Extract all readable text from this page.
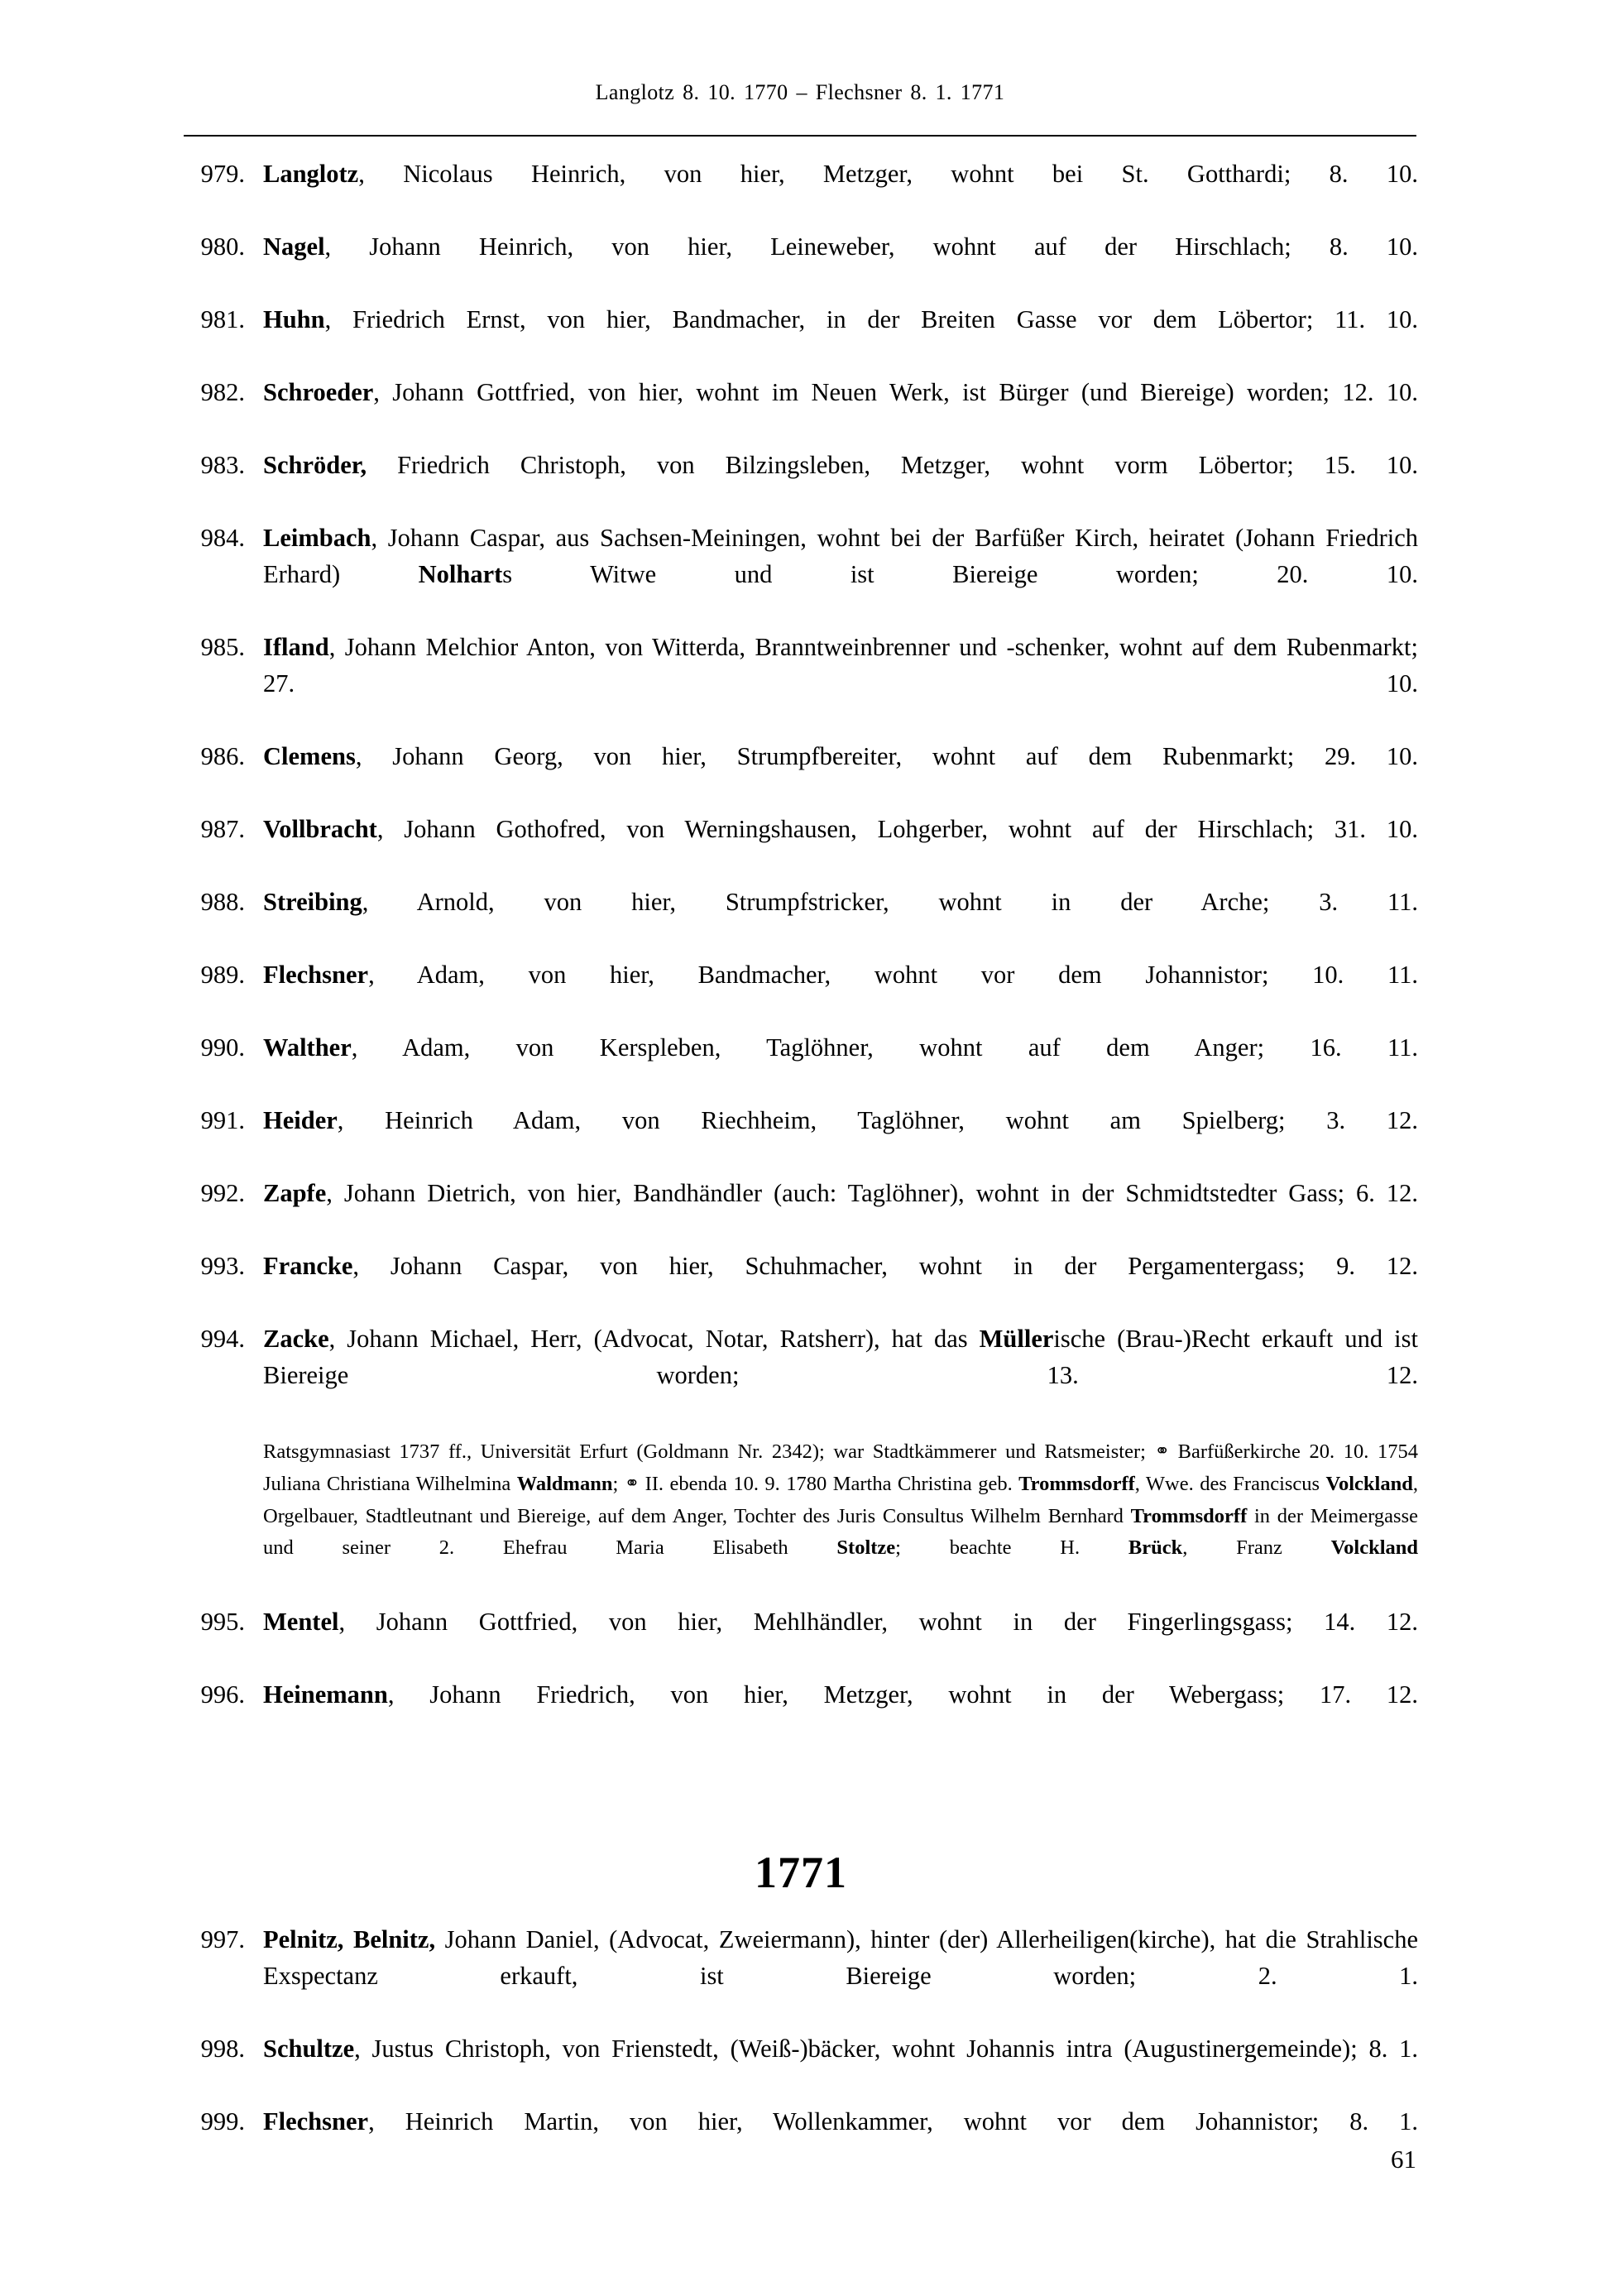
Langlotz 8. 10. 1770 – Flechsner 8. 1. 1771
979. Langlotz, Nicolaus Heinrich, von hier, Metzger, wohnt bei St. Gotthardi; 8. 10.
980. Nagel, Johann Heinrich, von hier, Leineweber, wohnt auf der Hirschlach; 8. 10.
981. Huhn, Friedrich Ernst, von hier, Bandmacher, in der Breiten Gasse vor dem Löbertor; 11. 10.
982. Schroeder, Johann Gottfried, von hier, wohnt im Neuen Werk, ist Bürger (und Biereige) worden; 12. 10.
983. Schröder, Friedrich Christoph, von Bilzingsleben, Metzger, wohnt vorm Löbertor; 15. 10.
984. Leimbach, Johann Caspar, aus Sachsen-Meiningen, wohnt bei der Barfüßer Kirch, heiratet (Johann Friedrich Erhard) Nolharts Witwe und ist Biereige worden; 20. 10.
985. Ifland, Johann Melchior Anton, von Witterda, Branntweinbrenner und -schenker, wohnt auf dem Rubenmarkt; 27. 10.
986. Clemens, Johann Georg, von hier, Strumpfbereiter, wohnt auf dem Rubenmarkt; 29. 10.
987. Vollbracht, Johann Gothofred, von Werningshausen, Lohgerber, wohnt auf der Hirschlach; 31. 10.
988. Streibing, Arnold, von hier, Strumpfstricker, wohnt in der Arche; 3. 11.
989. Flechsner, Adam, von hier, Bandmacher, wohnt vor dem Johannistor; 10. 11.
990. Walther, Adam, von Kerspleben, Taglöhner, wohnt auf dem Anger; 16. 11.
991. Heider, Heinrich Adam, von Riechheim, Taglöhner, wohnt am Spielberg; 3. 12.
992. Zapfe, Johann Dietrich, von hier, Bandhändler (auch: Taglöhner), wohnt in der Schmidtstedter Gass; 6. 12.
993. Francke, Johann Caspar, von hier, Schuhmacher, wohnt in der Pergamentergass; 9. 12.
994. Zacke, Johann Michael, Herr, (Advocat, Notar, Ratsherr), hat das Müllerische (Brau-)Recht erkauft und ist Biereige worden; 13. 12.
Ratsgymnasiast 1737 ff., Universität Erfurt (Goldmann Nr. 2342); war Stadtkämmerer und Ratsmeister; ⚭ Barfüßerkirche 20. 10. 1754 Juliana Christiana Wilhelmina Waldmann; ⚭ II. ebenda 10. 9. 1780 Martha Christina geb. Trommsdorff, Wwe. des Franciscus Volckland, Orgelbauer, Stadtleutnant und Biereige, auf dem Anger, Tochter des Juris Consultus Wilhelm Bernhard Trommsdorff in der Meimergasse und seiner 2. Ehefrau Maria Elisabeth Stoltze; beachte H. Brück, Franz Volckland
995. Mentel, Johann Gottfried, von hier, Mehlhändler, wohnt in der Fingerlingsgass; 14. 12.
996. Heinemann, Johann Friedrich, von hier, Metzger, wohnt in der Webergass; 17. 12.
1771
997. Pelnitz, Belnitz, Johann Daniel, (Advocat, Zweiermann), hinter (der) Allerheiligen(kirche), hat die Strahlische Exspectanz erkauft, ist Biereige worden; 2. 1.
998. Schultze, Justus Christoph, von Frienstedt, (Weiß-)bäcker, wohnt Johannis intra (Augustinergemeinde); 8. 1.
999. Flechsner, Heinrich Martin, von hier, Wollenkammer, wohnt vor dem Johannistor; 8. 1.
61
